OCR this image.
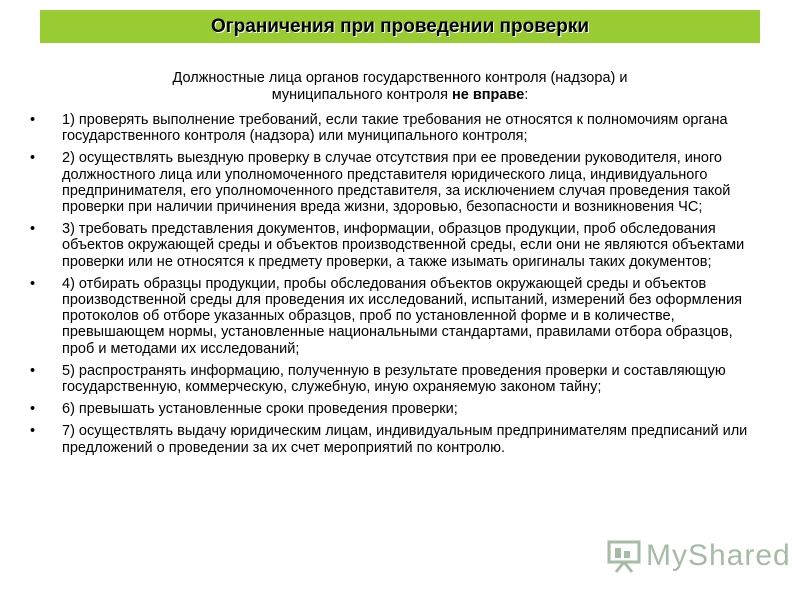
Ограничения при проведении проверки
Должностные лица органов государственного контроля (надзора) и
муниципального контроля не вправе:
•	1) проверять выполнение требований, если такие требования не относятся к полномочиям органа государственного контроля (надзора) или муниципального контроля;
•	2) осуществлять выездную проверку в случае отсутствия при ее проведении руководителя, иного должностного лица или уполномоченного представителя юридического лица, индивидуального предпринимателя, его уполномоченного представителя, за исключением случая проведения такой проверки при наличии причинения вреда жизни, здоровью, безопасности и возникновения ЧС;
•	3) требовать представления документов, информации, образцов продукции, проб обследования объектов окружающей среды и объектов производственной среды, если они не являются объектами проверки или не относятся к предмету проверки, а также изымать оригиналы таких документов;
•	4) отбирать образцы продукции, пробы обследования объектов окружающей среды и объектов производственной среды для проведения их исследований, испытаний, измерений без оформления протоколов об отборе указанных образцов, проб по установленной форме и в количестве, превышающем нормы, установленные национальными стандартами, правилами отбора образцов, проб и методами их исследований;
•	5) распространять информацию, полученную в результате проведения проверки и составляющую государственную, коммерческую, служебную, иную охраняемую законом тайну;
•	6) превышать установленные сроки проведения проверки;
•	7) осуществлять выдачу юридическим лицам, индивидуальным предпринимателям предписаний или предложений о проведении за их счет мероприятий по контролю.
MyShared
